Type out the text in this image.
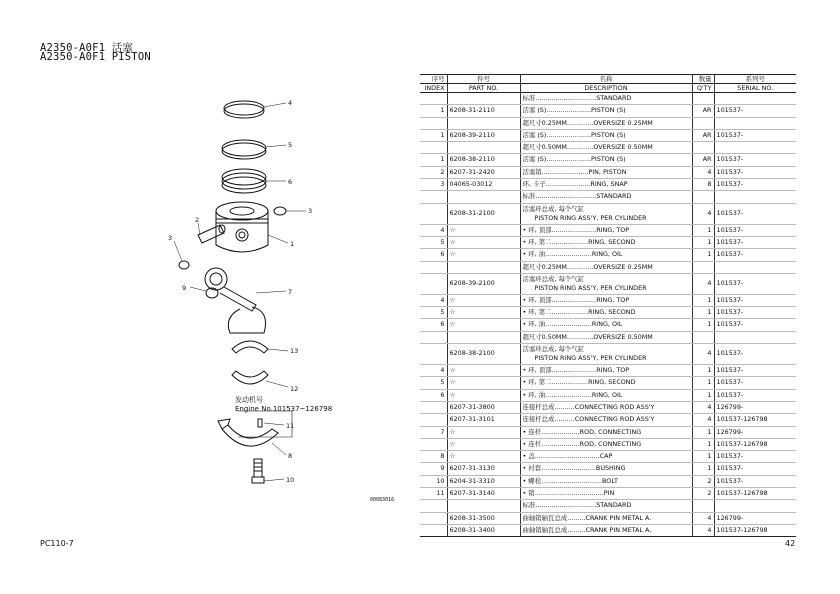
A2350-A0F1 活塞
A2350-A0F1 PISTON
4
5
6
3
2
3
1
9	7
13
12
11
8
10
发动机号
Engine No.101537~126798
00083016
序号	件号	名称	数量	系列号
INDEX	PART NO.	DESCRIPTION	Q'TY	SERIAL NO.

		标准..............................STANDARD		

1	6208-31-2110	活塞 (S)......................PISTON (S)	AR	101537-

		超尺寸0.25MM.............OVERSIZE 0.25MM		

1	6208-39-2110	活塞 (S)......................PISTON (S)	AR	101537-

		超尺寸0.50MM.............OVERSIZE 0.50MM		

1	6208-38-2110	活塞 (S)......................PISTON (S)	AR	101537-
2	6207-31-2420	活塞销.......................PIN, PISTON	4	101537-
3	04065-03012	环, 卡子......................RING, SNAP	8	101537-

		标准..............................STANDARD		

	6208-31-2100	活塞环总成, 每个气缸
PISTON RING ASS'Y, PER CYLINDER	4	101537-
4	☆	• 环, 顶部......................RING, TOP	1	101537-
5	☆	• 环, 第二..................RING, SECOND	1	101537-
6	☆	• 环, 油.......................RING, OIL	1	101537-

		超尺寸0.25MM.............OVERSIZE 0.25MM		

	6208-39-2100	活塞环总成, 每个气缸
PISTON RING ASS'Y, PER CYLINDER	4	101537-
4	☆	• 环, 顶部......................RING, TOP	1	101537-
5	☆	• 环, 第二..................RING, SECOND	1	101537-
6	☆	• 环, 油.......................RING, OIL	1	101537-

		超尺寸0.50MM.............OVERSIZE 0.50MM		

	6208-38-2100	活塞环总成, 每个气缸
PISTON RING ASS'Y, PER CYLINDER	4	101537-
4	☆	• 环, 顶部......................RING, TOP	1	101537-
5	☆	• 环, 第二..................RING, SECOND	1	101537-
6	☆	• 环, 油.......................RING, OIL	1	101537-
	6207-31-3800	连接杆总成..........CONNECTING ROD ASS'Y	4	126799-
	6207-31-3101	连接杆总成..........CONNECTING ROD ASS'Y	4	101537-126798
7	☆	• 连杆...................ROD, CONNECTING	1	126799-
	☆	• 连杆...................ROD, CONNECTING	1	101537-126798
8	☆	• 盖................................CAP	1	101537-
9	6207-31-3130	• 衬套...........................BUSHING	1	101537-
10	6204-31-3310	• 螺栓..............................BOLT	2	101537-
11	6207-31-3140	• 销..................................PIN	2	101537-126798

		标准..............................STANDARD		

	6208-31-3500	曲轴销轴瓦总成.........CRANK PIN METAL A.	4	126799-
	6208-31-3400	曲轴销轴瓦总成.........CRANK PIN METAL A.	4	101537-126798
PC110-7	42
